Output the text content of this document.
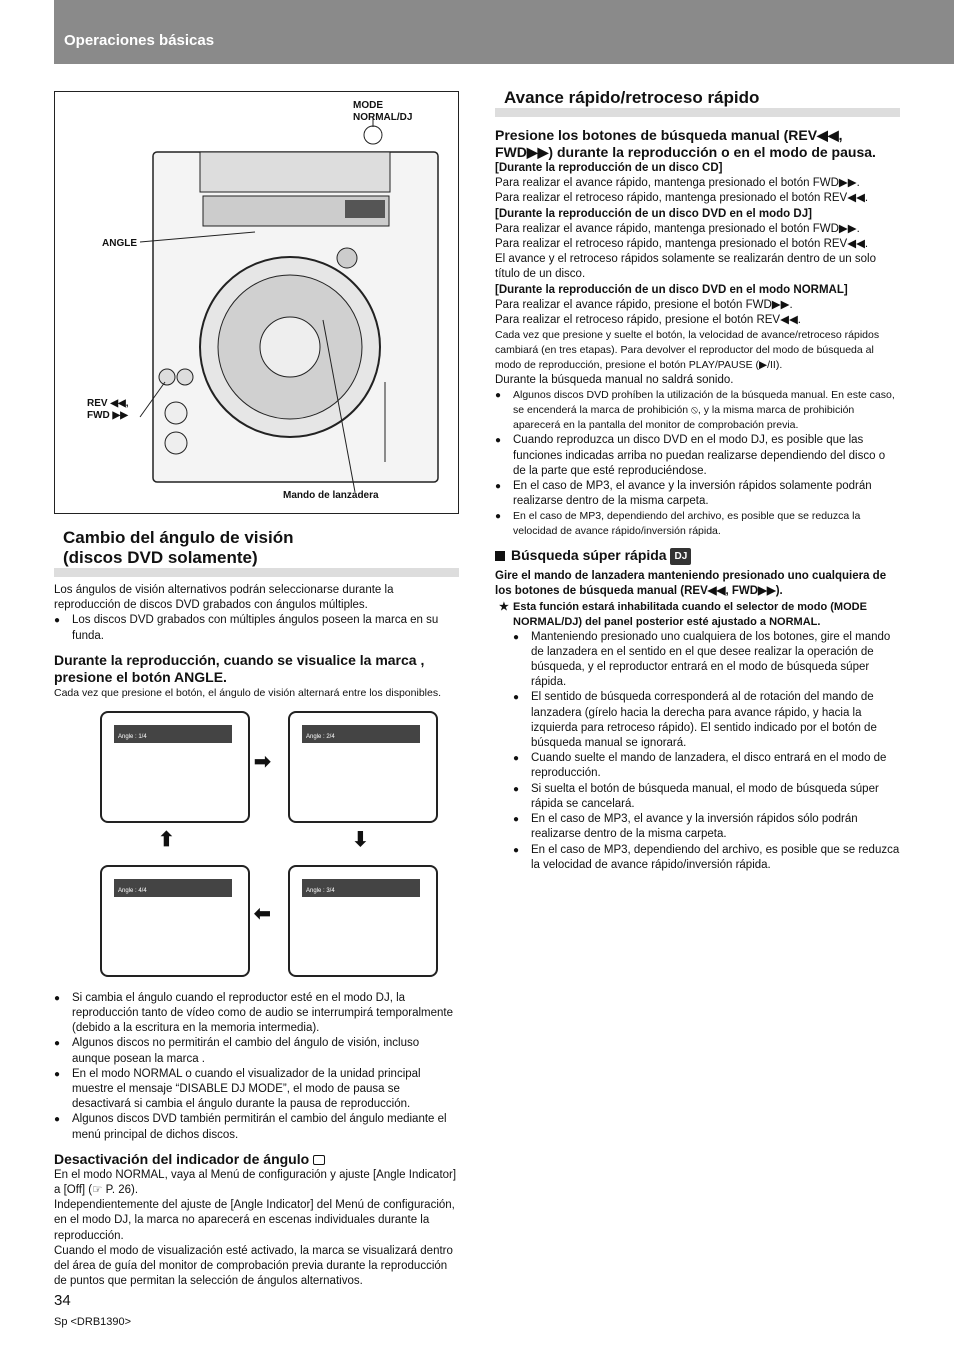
Operaciones básicas
MODE
NORMAL/DJ
ANGLE
REV ◀◀,
FWD ▶▶
Mando de lanzadera
Cambio del ángulo de visión
(discos DVD solamente)

Los ángulos de visión alternativos podrán seleccionarse durante la reproducción de discos DVD grabados con ángulos múltiples.

● Los discos DVD grabados con múltiples ángulos poseen la marca en su funda.
Durante la reproducción, cuando se visualice la marca , presione el botón ANGLE.

Cada vez que presione el botón, el ángulo de visión alternará entre los disponibles.

Angle : 1/4	Angle : 2/4
Angle : 3/4
Angle : 4/4
➡
⬇
⬅
⬆
● Si cambia el ángulo cuando el reproductor esté en el modo DJ, la reproducción tanto de vídeo como de audio se interrumpirá temporalmente (debido a la escritura en la memoria intermedia).
● Algunos discos no permitirán el cambio del ángulo de visión, incluso aunque posean la marca .
● En el modo NORMAL o cuando el visualizador de la unidad principal muestre el mensaje “DISABLE DJ MODE”, el modo de pausa se desactivará si cambia el ángulo durante la pausa de reproducción.
● Algunos discos DVD también permitirán el cambio del ángulo mediante el menú principal de dichos discos.
Desactivación del indicador de ángulo

En el modo NORMAL, vaya al Menú de configuración y ajuste [Angle Indicator] a [Off] (☞ P. 26).

Independientemente del ajuste de [Angle Indicator] del Menú de configuración, en el modo DJ, la marca no aparecerá en escenas individuales durante la reproducción.

Cuando el modo de visualización esté activado, la marca se visualizará dentro del área de guía del monitor de comprobación previa durante la reproducción de puntos que permitan la selección de ángulos alternativos.

Avance rápido/retroceso rápido
Presione los botones de búsqueda manual (REV◀◀, FWD▶▶) durante la reproducción o en el modo de pausa.

[Durante la reproducción de un disco CD]

Para realizar el avance rápido, mantenga presionado el botón FWD▶▶.

Para realizar el retroceso rápido, mantenga presionado el botón REV◀◀.

[Durante la reproducción de un disco DVD en el modo DJ]

Para realizar el avance rápido, mantenga presionado el botón FWD▶▶.

Para realizar el retroceso rápido, mantenga presionado el botón REV◀◀.

El avance y el retroceso rápidos solamente se realizarán dentro de un solo título de un disco.

[Durante la reproducción de un disco DVD en el modo NORMAL]

Para realizar el avance rápido, presione el botón FWD▶▶.

Para realizar el retroceso rápido, presione el botón REV◀◀.

Cada vez que presione y suelte el botón, la velocidad de avance/retroceso rápidos cambiará (en tres etapas). Para devolver el reproductor del modo de búsqueda al modo de reproducción, presione el botón PLAY/PAUSE (▶/II).

Durante la búsqueda manual no saldrá sonido.

● Algunos discos DVD prohíben la utilización de la búsqueda manual. En este caso, se encenderá la marca de prohibición ⦸, y la misma marca de prohibición aparecerá en la pantalla del monitor de comprobación previa.
● Cuando reproduzca un disco DVD en el modo DJ, es posible que las funciones indicadas arriba no puedan realizarse dependiendo del disco o de la parte que esté reproduciéndose.
● En el caso de MP3, el avance y la inversión rápidos solamente podrán realizarse dentro de la misma carpeta.
● En el caso de MP3, dependiendo del archivo, es posible que se reduzca la velocidad de avance rápido/inversión rápida.
Búsqueda súper rápida DJ

Gire el mando de lanzadera manteniendo presionado uno cualquiera de los botones de búsqueda manual (REV◀◀, FWD▶▶).

★ Esta función estará inhabilitada cuando el selector de modo (MODE NORMAL/DJ) del panel posterior esté ajustado a NORMAL.
● Manteniendo presionado uno cualquiera de los botones, gire el mando de lanzadera en el sentido en el que desee realizar la operación de búsqueda, y el reproductor entrará en el modo de búsqueda súper rápida.
● El sentido de búsqueda corresponderá al de rotación del mando de lanzadera (gírelo hacia la derecha para avance rápido, y hacia la izquierda para retroceso rápido). El sentido indicado por el botón de búsqueda manual se ignorará.
● Cuando suelte el mando de lanzadera, el disco entrará en el modo de reproducción.
● Si suelta el botón de búsqueda manual, el modo de búsqueda súper rápida se cancelará.
● En el caso de MP3, el avance y la inversión rápidos sólo podrán realizarse dentro de la misma carpeta.
● En el caso de MP3, dependiendo del archivo, es posible que se reduzca la velocidad de avance rápido/inversión rápida.
34
Sp <DRB1390>
